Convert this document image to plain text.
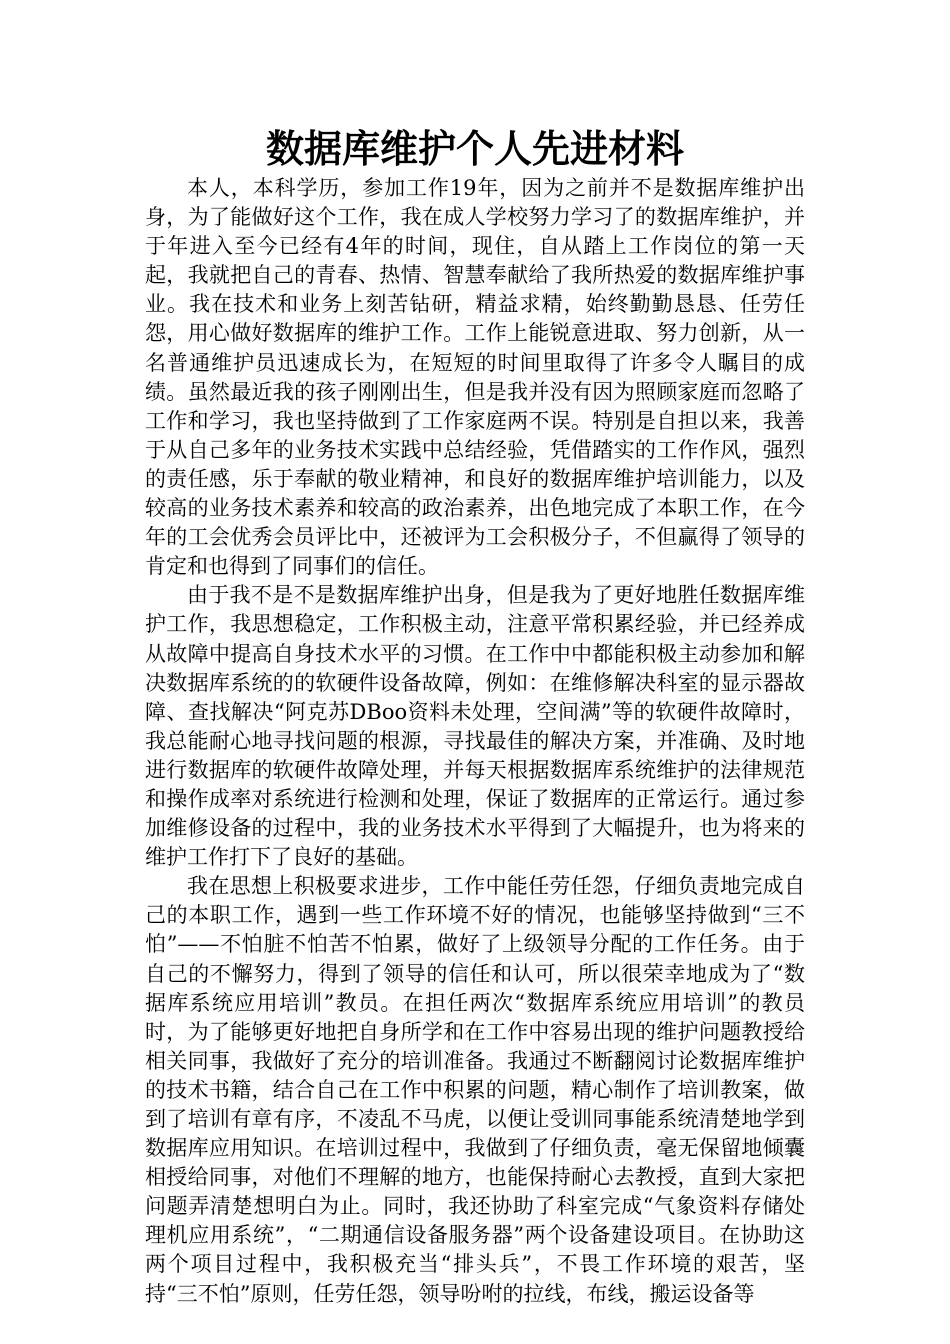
数据库维护个人先进材料

本人，本科学历，参加工作19年，因为之前并不是数据库维护出身，为了能做好这个工作，我在成人学校努力学习了的数据库维护，并于年进入至今已经有4年的时间，现住，自从踏上工作岗位的第一天起，我就把自己的青春、热情、智慧奉献给了我所热爱的数据库维护事业。我在技术和业务上刻苦钻研，精益求精，始终勤勤恳恳、任劳任怨，用心做好数据库的维护工作。工作上能锐意进取、努力创新，从一名普通维护员迅速成长为，在短短的时间里取得了许多令人瞩目的成绩。虽然最近我的孩子刚刚出生，但是我并没有因为照顾家庭而忽略了工作和学习，我也坚持做到了工作家庭两不误。特别是自担以来，我善于从自己多年的业务技术实践中总结经验，凭借踏实的工作作风，强烈的责任感，乐于奉献的敬业精神，和良好的数据库维护培训能力，以及较高的业务技术素养和较高的政治素养，出色地完成了本职工作，在今年的工会优秀会员评比中，还被评为工会积极分子，不但赢得了领导的肯定和也得到了同事们的信任。

由于我不是不是数据库维护出身，但是我为了更好地胜任数据库维护工作，我思想稳定，工作积极主动，注意平常积累经验，并已经养成从故障中提高自身技术水平的习惯。在工作中中都能积极主动参加和解决数据库系统的的软硬件设备故障，例如：在维修解决科室的显示器故障、查找解决“阿克苏DBoo资料未处理，空间满”等的软硬件故障时，我总能耐心地寻找问题的根源，寻找最佳的解决方案，并准确、及时地进行数据库的软硬件故障处理，并每天根据数据库系统维护的法律规范和操作成率对系统进行检测和处理，保证了数据库的正常运行。通过参加维修设备的过程中，我的业务技术水平得到了大幅提升，也为将来的维护工作打下了良好的基础。

我在思想上积极要求进步，工作中能任劳任怨，仔细负责地完成自己的本职工作，遇到一些工作环境不好的情况，也能够坚持做到“三不怕”——不怕脏不怕苦不怕累，做好了上级领导分配的工作任务。由于自己的不懈努力，得到了领导的信任和认可，所以很荣幸地成为了“数据库系统应用培训”教员。在担任两次“数据库系统应用培训”的教员时，为了能够更好地把自身所学和在工作中容易出现的维护问题教授给相关同事，我做好了充分的培训准备。我通过不断翻阅讨论数据库维护的技术书籍，结合自己在工作中积累的问题，精心制作了培训教案，做到了培训有章有序，不凌乱不马虎，以便让受训同事能系统清楚地学到数据库应用知识。在培训过程中，我做到了仔细负责，毫无保留地倾囊相授给同事，对他们不理解的地方，也能保持耐心去教授，直到大家把问题弄清楚想明白为止。同时，我还协助了科室完成“气象资料存储处理机应用系统”，“二期通信设备服务器”两个设备建设项目。在协助这两个项目过程中，我积极充当“排头兵”，不畏工作环境的艰苦，坚持“三不怕”原则，任劳任怨，领导吩咐的拉线，布线，搬运设备等
